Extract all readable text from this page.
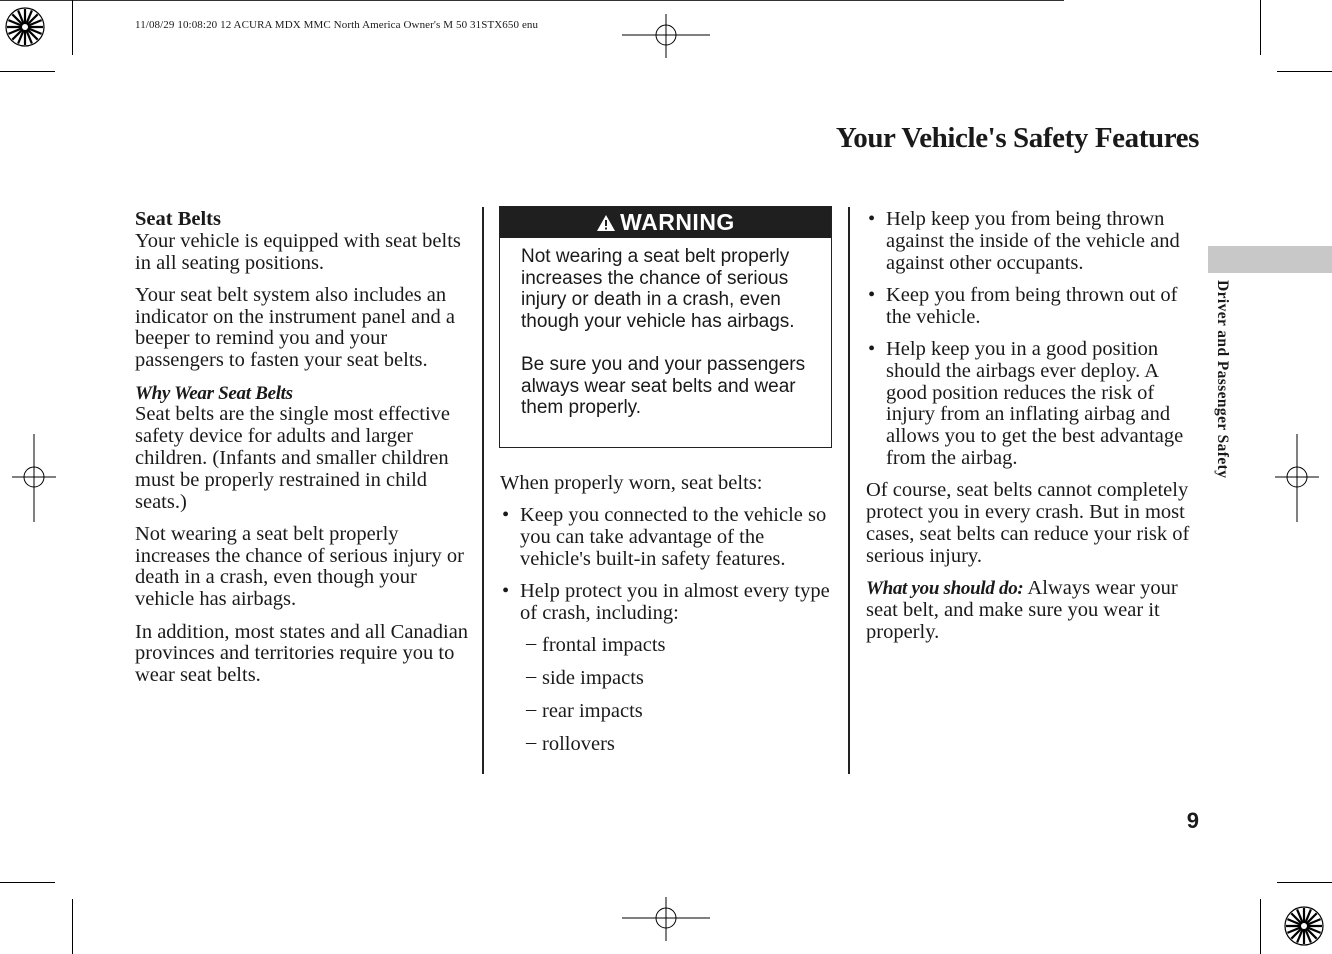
11/08/29 10:08:20 12 ACURA MDX MMC North America Owner's M 50 31STX650 enu
Your Vehicle's Safety Features
Driver and Passenger Safety
Seat Belts

Your vehicle is equipped with seat belts in all seating positions.

Your seat belt system also includes an indicator on the instrument panel and a beeper to remind you and your passengers to fasten your seat belts.

Why Wear Seat Belts

Seat belts are the single most effective safety device for adults and larger children. (Infants and smaller children must be properly restrained in child seats.)

Not wearing a seat belt properly increases the chance of serious injury or death in a crash, even though your vehicle has airbags.

In addition, most states and all Canadian provinces and territories require you to wear seat belts.

WARNING

Not wearing a seat belt properly increases the chance of serious injury or death in a crash, even though your vehicle has airbags.

Be sure you and your passengers always wear seat belts and wear them properly.

When properly worn, seat belts:

• Keep you connected to the vehicle so you can take advantage of the vehicle's built-in safety features.
• Help protect you in almost every type of crash, including:
– frontal impacts
– side impacts
– rear impacts
– rollovers
• Help keep you from being thrown against the inside of the vehicle and against other occupants.
• Keep you from being thrown out of the vehicle.
• Help keep you in a good position should the airbags ever deploy. A good position reduces the risk of injury from an inflating airbag and allows you to get the best advantage from the airbag.

Of course, seat belts cannot completely protect you in every crash. But in most cases, seat belts can reduce your risk of serious injury.

What you should do: Always wear your seat belt, and make sure you wear it properly.

9
